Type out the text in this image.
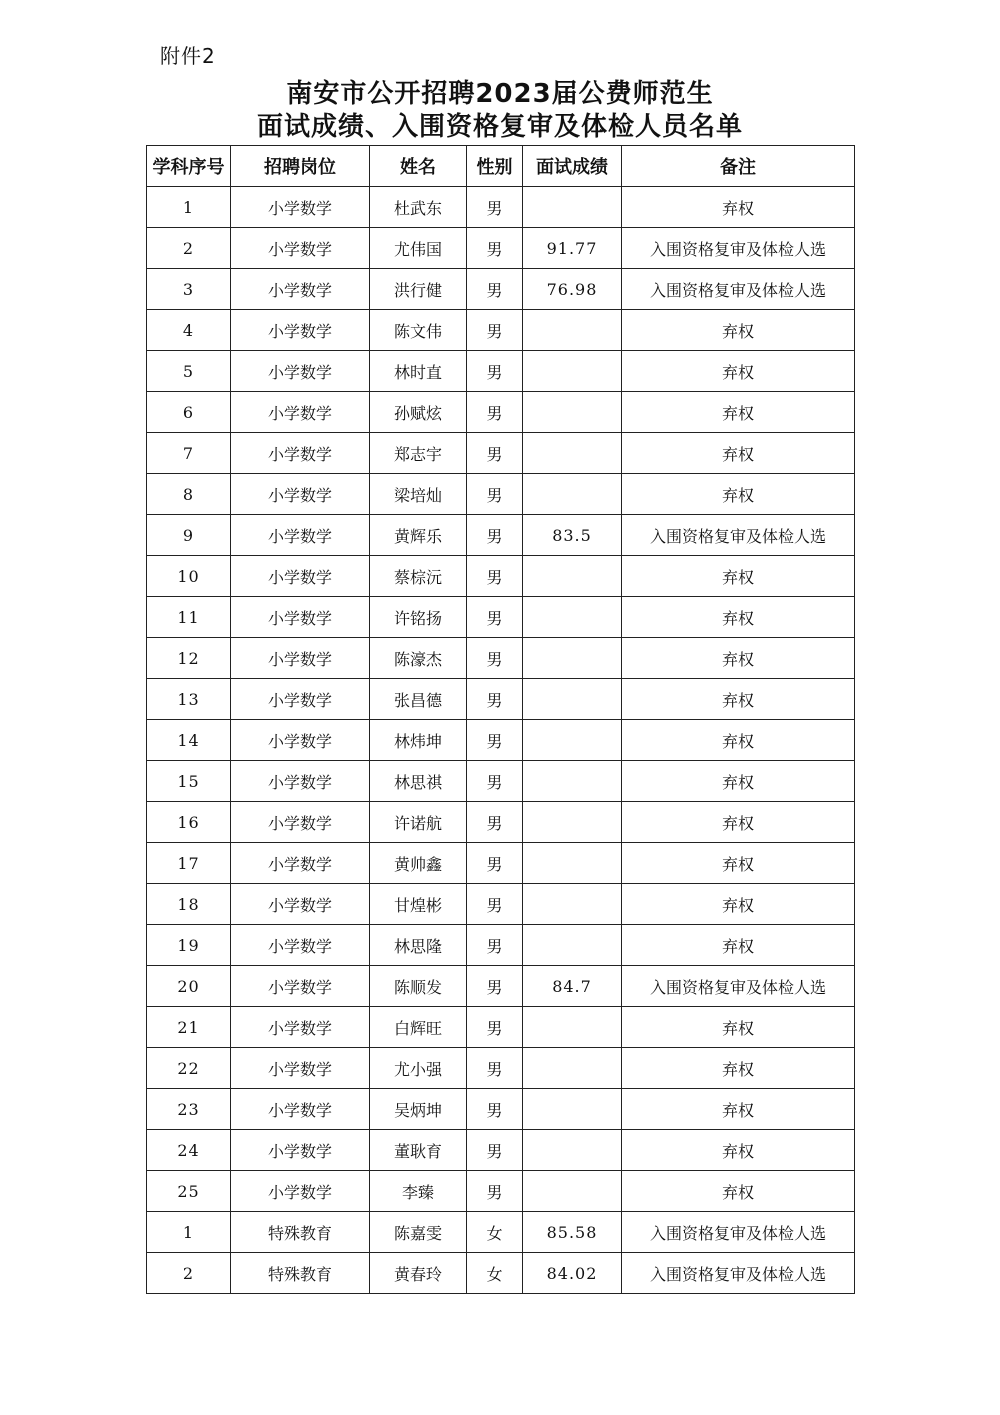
附件2
南安市公开招聘2023届公费师范生
面试成绩、入围资格复审及体检人员名单
学科序号	招聘岗位	姓名	性别	面试成绩	备注
1	小学数学	杜武东	男		弃权
2	小学数学	尤伟国	男	91.77	入围资格复审及体检人选
3	小学数学	洪行健	男	76.98	入围资格复审及体检人选
4	小学数学	陈文伟	男		弃权
5	小学数学	林时直	男		弃权
6	小学数学	孙赋炫	男		弃权
7	小学数学	郑志宇	男		弃权
8	小学数学	梁培灿	男		弃权
9	小学数学	黄辉乐	男	83.5	入围资格复审及体检人选
10	小学数学	蔡棕沅	男		弃权
11	小学数学	许铭扬	男		弃权
12	小学数学	陈濠杰	男		弃权
13	小学数学	张昌德	男		弃权
14	小学数学	林炜坤	男		弃权
15	小学数学	林思祺	男		弃权
16	小学数学	许诺航	男		弃权
17	小学数学	黄帅鑫	男		弃权
18	小学数学	甘煌彬	男		弃权
19	小学数学	林思隆	男		弃权
20	小学数学	陈顺发	男	84.7	入围资格复审及体检人选
21	小学数学	白辉旺	男		弃权
22	小学数学	尤小强	男		弃权
23	小学数学	吴炳坤	男		弃权
24	小学数学	董耿育	男		弃权
25	小学数学	李臻	男		弃权
1	特殊教育	陈嘉雯	女	85.58	入围资格复审及体检人选
2	特殊教育	黄春玲	女	84.02	入围资格复审及体检人选
